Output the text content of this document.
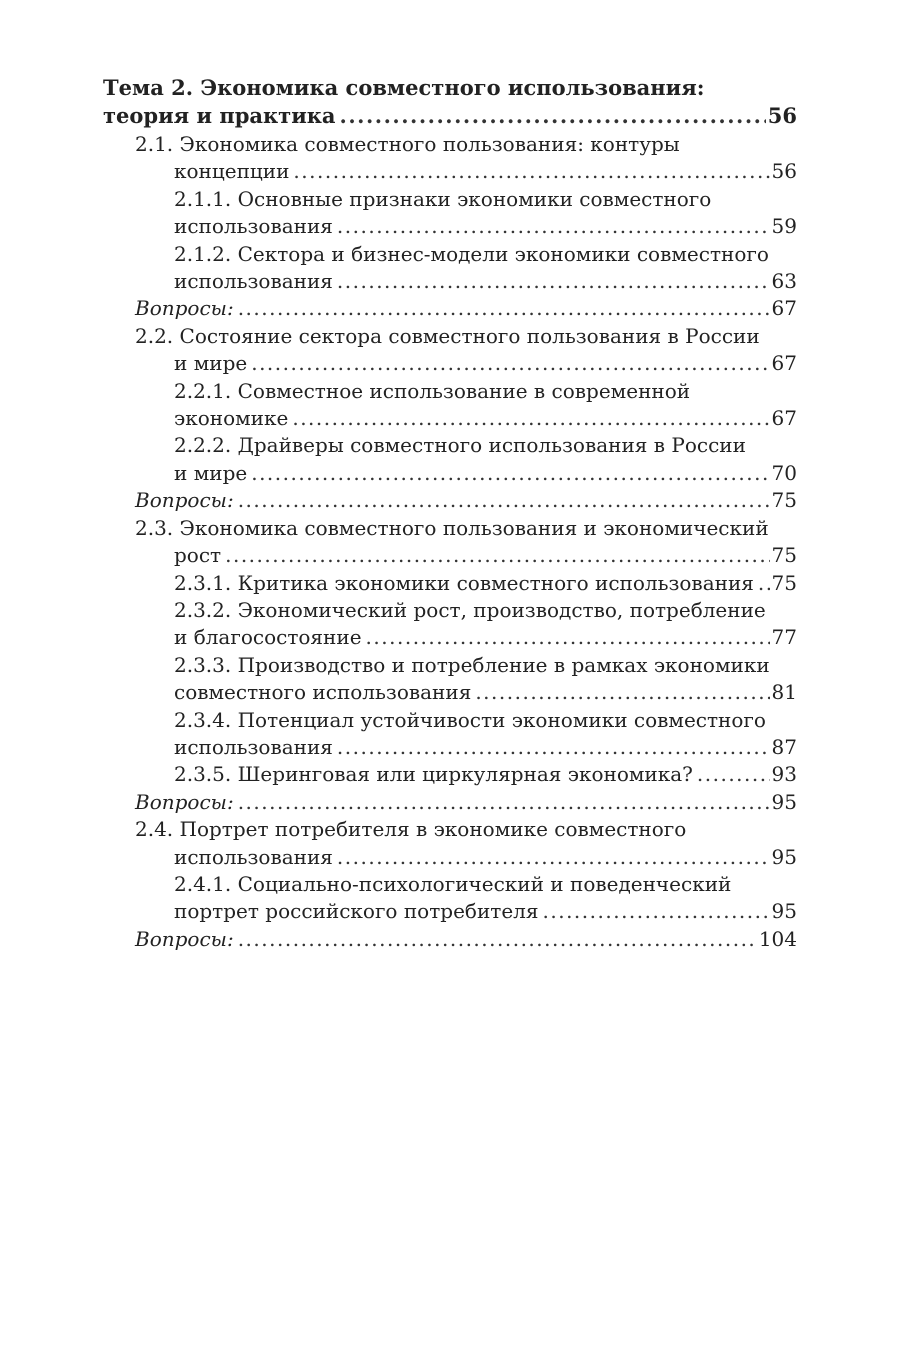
Тема 2. Экономика совместного использования:
теория и практика .....	56
2.1. Экономика совместного пользования: контуры
концепции .....	56
2.1.1. Основные признаки экономики совместного
использования .....	59
2.1.2. Сектора и бизнес-модели экономики совместного
использования .....	63
Вопросы: .....	67
2.2. Состояние сектора совместного пользования в России
и мире .....	67
2.2.1. Совместное использование в современной
экономике .....	67
2.2.2. Драйверы совместного использования в России
и мире .....	70
Вопросы: .....	75
2.3. Экономика совместного пользования и экономический
рост .....	75
2.3.1. Критика экономики совместного использования ..... 75
2.3.2. Экономический рост, производство, потребление
и благосостояние .....	77
2.3.3. Производство и потребление в рамках экономики
совместного использования .....	81
2.3.4. Потенциал устойчивости экономики совместного
использования .....	87
2.3.5. Шеринговая или циркулярная экономика? .....	93
Вопросы: .....	95
2.4. Портрет потребителя в экономике совместного
использования .....	95
2.4.1. Социально-психологический и поведенческий
портрет российского потребителя .....	95
Вопросы: .....	104
